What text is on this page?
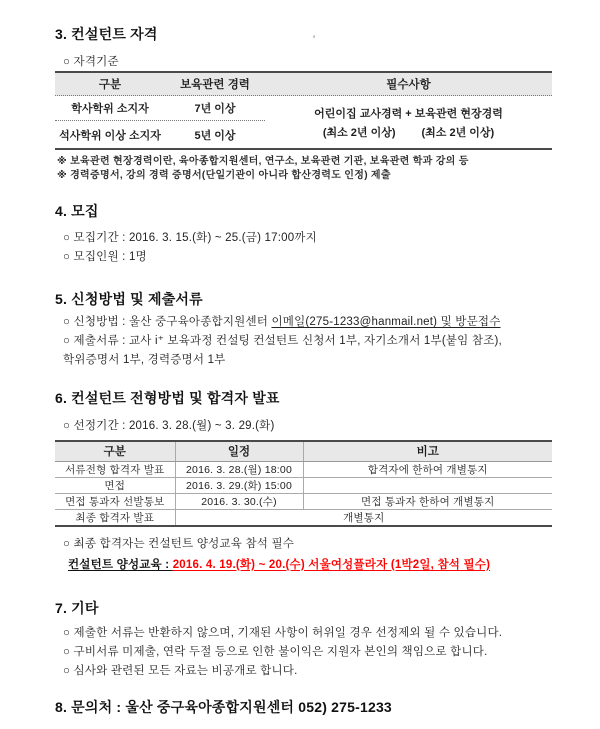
'
3. 컨설턴트 자격

○ 자격기준

구분	보육관련 경력	필수사항
학사학위 소지자	7년 이상
석사학위 이상 소지자	5년 이상
어린이집 교사경력 + 보육관련 현장경력
(최소 2년 이상) (최소 2년 이상)

※ 보육관련 현장경력이란, 육아종합지원센터, 연구소, 보육관련 기관, 보육관련 학과 강의 등

※ 경력증명서, 강의 경력 증명서(단일기관이 아니라 합산경력도 인정) 제출

4. 모집

○ 모집기간 : 2016. 3. 15.(화) ~ 25.(금) 17:00까지

○ 모집인원 : 1명

5. 신청방법 및 제출서류

○ 신청방법 : 울산 중구육아종합지원센터 이메일(275-1233@hanmail.net) 및 방문접수

○ 제출서류 : 교사 i⁺ 보육과정 컨설팅 컨설턴트 신청서 1부, 자기소개서 1부(붙임 참조),

학위증명서 1부, 경력증명서 1부

6. 컨설턴트 전형방법 및 합격자 발표

○ 선정기간 : 2016. 3. 28.(월) ~ 3. 29.(화)

구분	일정	비고
서류전형 합격자 발표	2016. 3. 28.(월) 18:00	합격자에 한하여 개별통지
면접	2016. 3. 29.(화) 15:00	
면접 통과자 선발통보	2016. 3. 30.(수)	면접 통과자 한하여 개별통지
최종 합격자 발표	개별통지	

○ 최종 합격자는 컨설턴트 양성교육 참석 필수

컨설턴트 양성교육 : 2016. 4. 19.(화) ~ 20.(수) 서울여성플라자 (1박2일, 참석 필수)

7. 기타

○ 제출한 서류는 반환하지 않으며, 기재된 사항이 허위일 경우 선정제외 될 수 있습니다.

○ 구비서류 미제출, 연락 두절 등으로 인한 불이익은 지원자 본인의 책임으로 합니다.

○ 심사와 관련된 모든 자료는 비공개로 합니다.

8. 문의처 : 울산 중구육아종합지원센터 052) 275-1233
